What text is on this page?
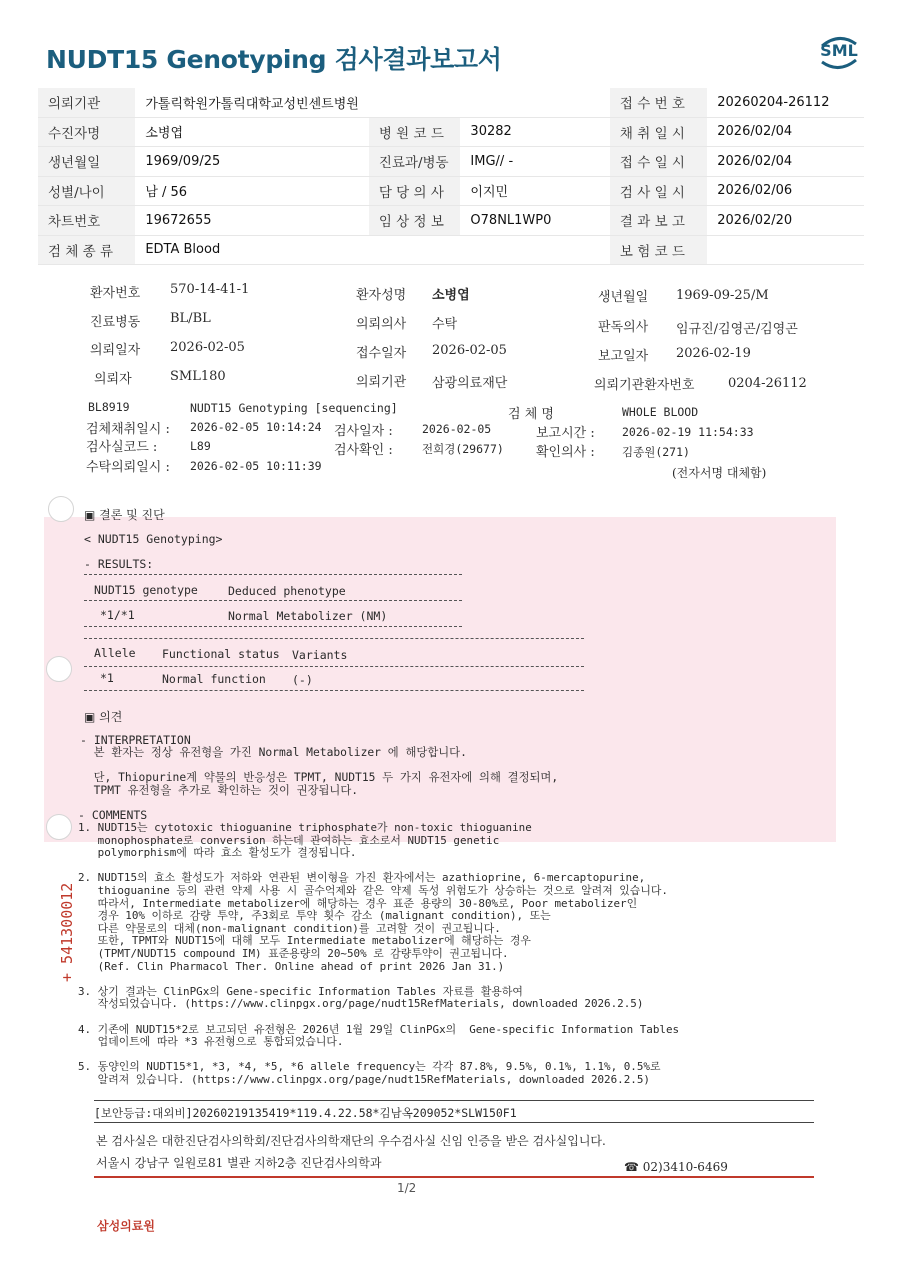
NUDT15 Genotyping 검사결과보고서	SML
의뢰기관	가톨릭학원가톨릭대학교성빈센트병원			접 수 번 호	20260204-26112
수진자명	소병엽	병 원 코 드	30282	채 취 일 시	2026/02/04
생년월일	1969/09/25	진료과/병동	IMG// -	접 수 일 시	2026/02/04
성별/나이	남 / 56	담 당 의 사	이지민	검 사 일 시	2026/02/06
차트번호	19672655	임 상 정 보	O78NL1WP0	결 과 보 고	2026/02/20
검 체 종 류	EDTA Blood			보 험 코 드	
환자번호 570-14-41-1	환자성명 소병엽	생년월일 1969-09-25/M
진료병동 BL/BL	의뢰의사 수탁	판독의사 임규진/김영곤/김영곤
의뢰일자 2026-02-05	접수일자 2026-02-05	보고일자 2026-02-19
의뢰자	SML180	의뢰기관 삼광의료재단	의뢰기관환자번호	0204-26112
BL8919	NUDT15 Genotyping [sequencing]	검 체 명	WHOLE BLOOD
검체채취일시 : 2026-02-05 10:14:24 검사일자 :	2026-02-05	보고시간 : 2026-02-19 11:54:33
검사실코드 :	L89	검사확인 :	전희경(29677) 확인의사 : 김종원(271)
수탁의뢰일시 : 2026-02-05 10:11:39	(전자서명 대체함)
▣ 결론 및 진단
< NUDT15 Genotyping>
- RESULTS:
NUDT15 genotype	Deduced phenotype
*1/*1	Normal Metabolizer (NM)
Allele Functional status Variants
*1	Normal function (-)
▣ 의견
- INTERPRETATION
본 환자는 정상 유전형을 가진 Normal Metabolizer 에 해당합니다.
단, Thiopurine계 약물의 반응성은 TPMT, NUDT15 두 가지 유전자에 의해 결정되며,
TPMT 유전형을 추가로 확인하는 것이 권장됩니다.
- COMMENTS
1. NUDT15는 cytotoxic thioguanine triphosphate가 non-toxic thioguanine
monophosphate로 conversion 하는데 관여하는 효소로서 NUDT15 genetic
polymorphism에 따라 효소 활성도가 결정됩니다.
2. NUDT15의 효소 활성도가 저하와 연관된 변이형을 가진 환자에서는 azathioprine, 6-mercaptopurine,
thioguanine 등의 관련 약제 사용 시 골수억제와 같은 약제 독성 위험도가 상승하는 것으로 알려져 있습니다.
따라서, Intermediate metabolizer에 해당하는 경우 표준 용량의 30-80%로, Poor metabolizer인
경우 10% 이하로 감량 투약, 주3회로 투약 횟수 감소 (malignant condition), 또는
다른 약물로의 대체(non-malignant condition)를 고려할 것이 권고됩니다.
또한, TPMT와 NUDT15에 대해 모두 Intermediate metabolizer에 해당하는 경우
(TPMT/NUDT15 compound IM) 표준용량의 20~50% 로 감량투약이 권고됩니다.
(Ref. Clin Pharmacol Ther. Online ahead of print 2026 Jan 31.)
3. 상기 결과는 ClinPGx의 Gene-specific Information Tables 자료를 활용하여
작성되었습니다. (https://www.clinpgx.org/page/nudt15RefMaterials, downloaded 2026.2.5)
4. 기존에 NUDT15*2로 보고되던 유전형은 2026년 1월 29일 ClinPGx의  Gene-specific Information Tables
업데이트에 따라 *3 유전형으로 통합되었습니다.
5. 동양인의 NUDT15*1, *3, *4, *5, *6 allele frequency는 각각 87.8%, 9.5%, 0.1%, 1.1%, 0.5%로
알려져 있습니다. (https://www.clinpgx.org/page/nudt15RefMaterials, downloaded 2026.2.5)
+ 541300012
[보안등급:대외비]20260219135419*119.4.22.58*김남옥209052*SLW150F1
본 검사실은 대한진단검사의학회/진단검사의학재단의 우수검사실 신임 인증을 받은 검사실입니다.
서울시 강남구 일원로81 별관 지하2층 진단검사의학과	☎ 02)3410-6469
삼성의료원
1/2
